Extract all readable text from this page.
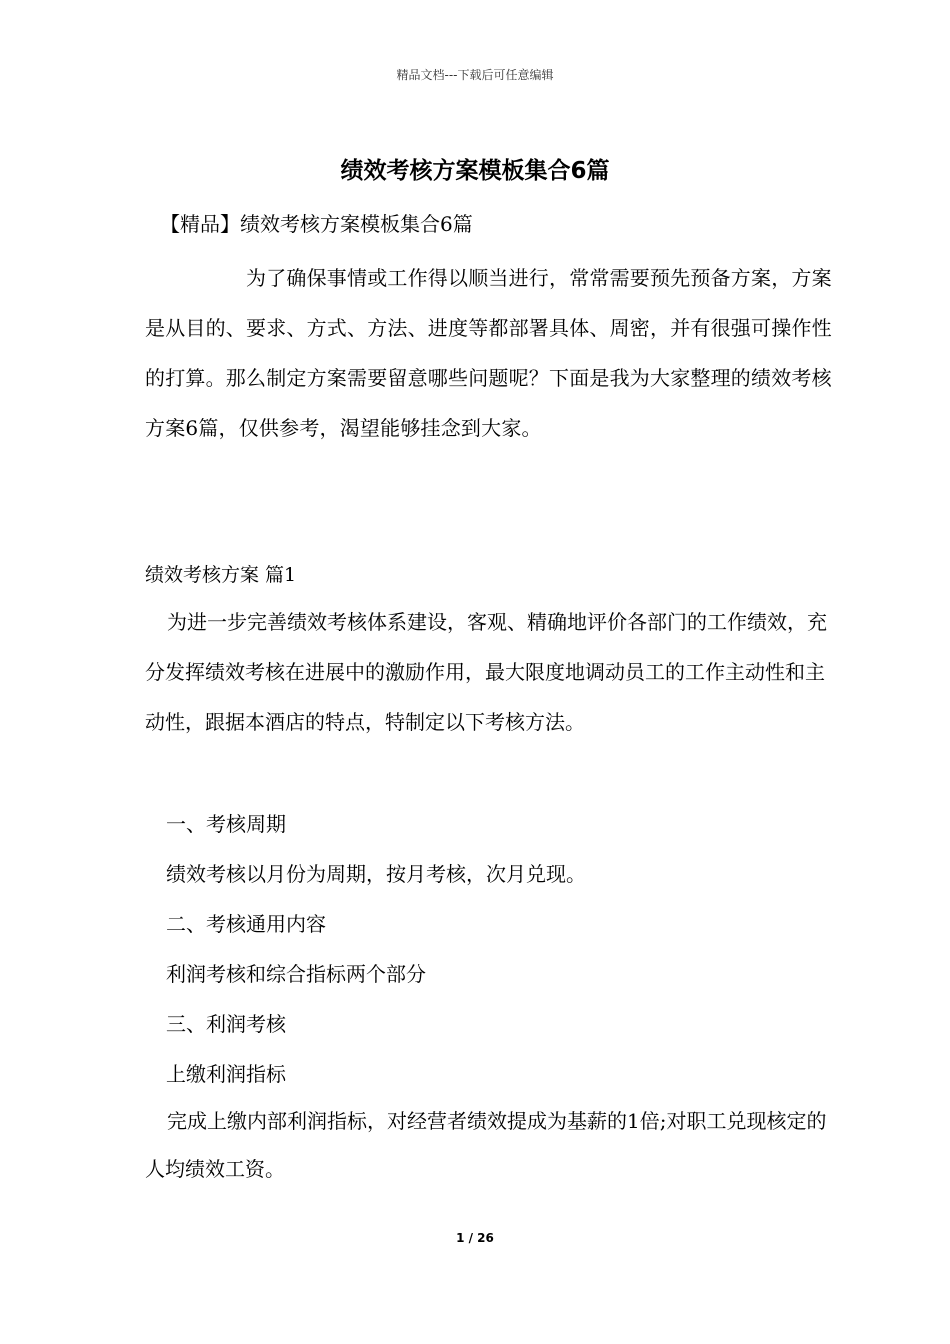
精品文档---下载后可任意编辑
绩效考核方案模板集合6篇

【精品】绩效考核方案模板集合6篇

为了确保事情或工作得以顺当进行，常常需要预先预备方案，方案是从目的、要求、方式、方法、进度等都部署具体、周密，并有很强可操作性的打算。那么制定方案需要留意哪些问题呢？下面是我为大家整理的绩效考核方案6篇，仅供参考，渴望能够挂念到大家。

绩效考核方案 篇1

为进一步完善绩效考核体系建设，客观、精确地评价各部门的工作绩效，充分发挥绩效考核在进展中的激励作用，最大限度地调动员工的工作主动性和主动性，跟据本酒店的特点，特制定以下考核方法。

一、考核周期

绩效考核以月份为周期，按月考核，次月兑现。

二、考核通用内容

利润考核和综合指标两个部分

三、利润考核

上缴利润指标

完成上缴内部利润指标，对经营者绩效提成为基薪的1倍;对职工兑现核定的人均绩效工资。

1 / 26
